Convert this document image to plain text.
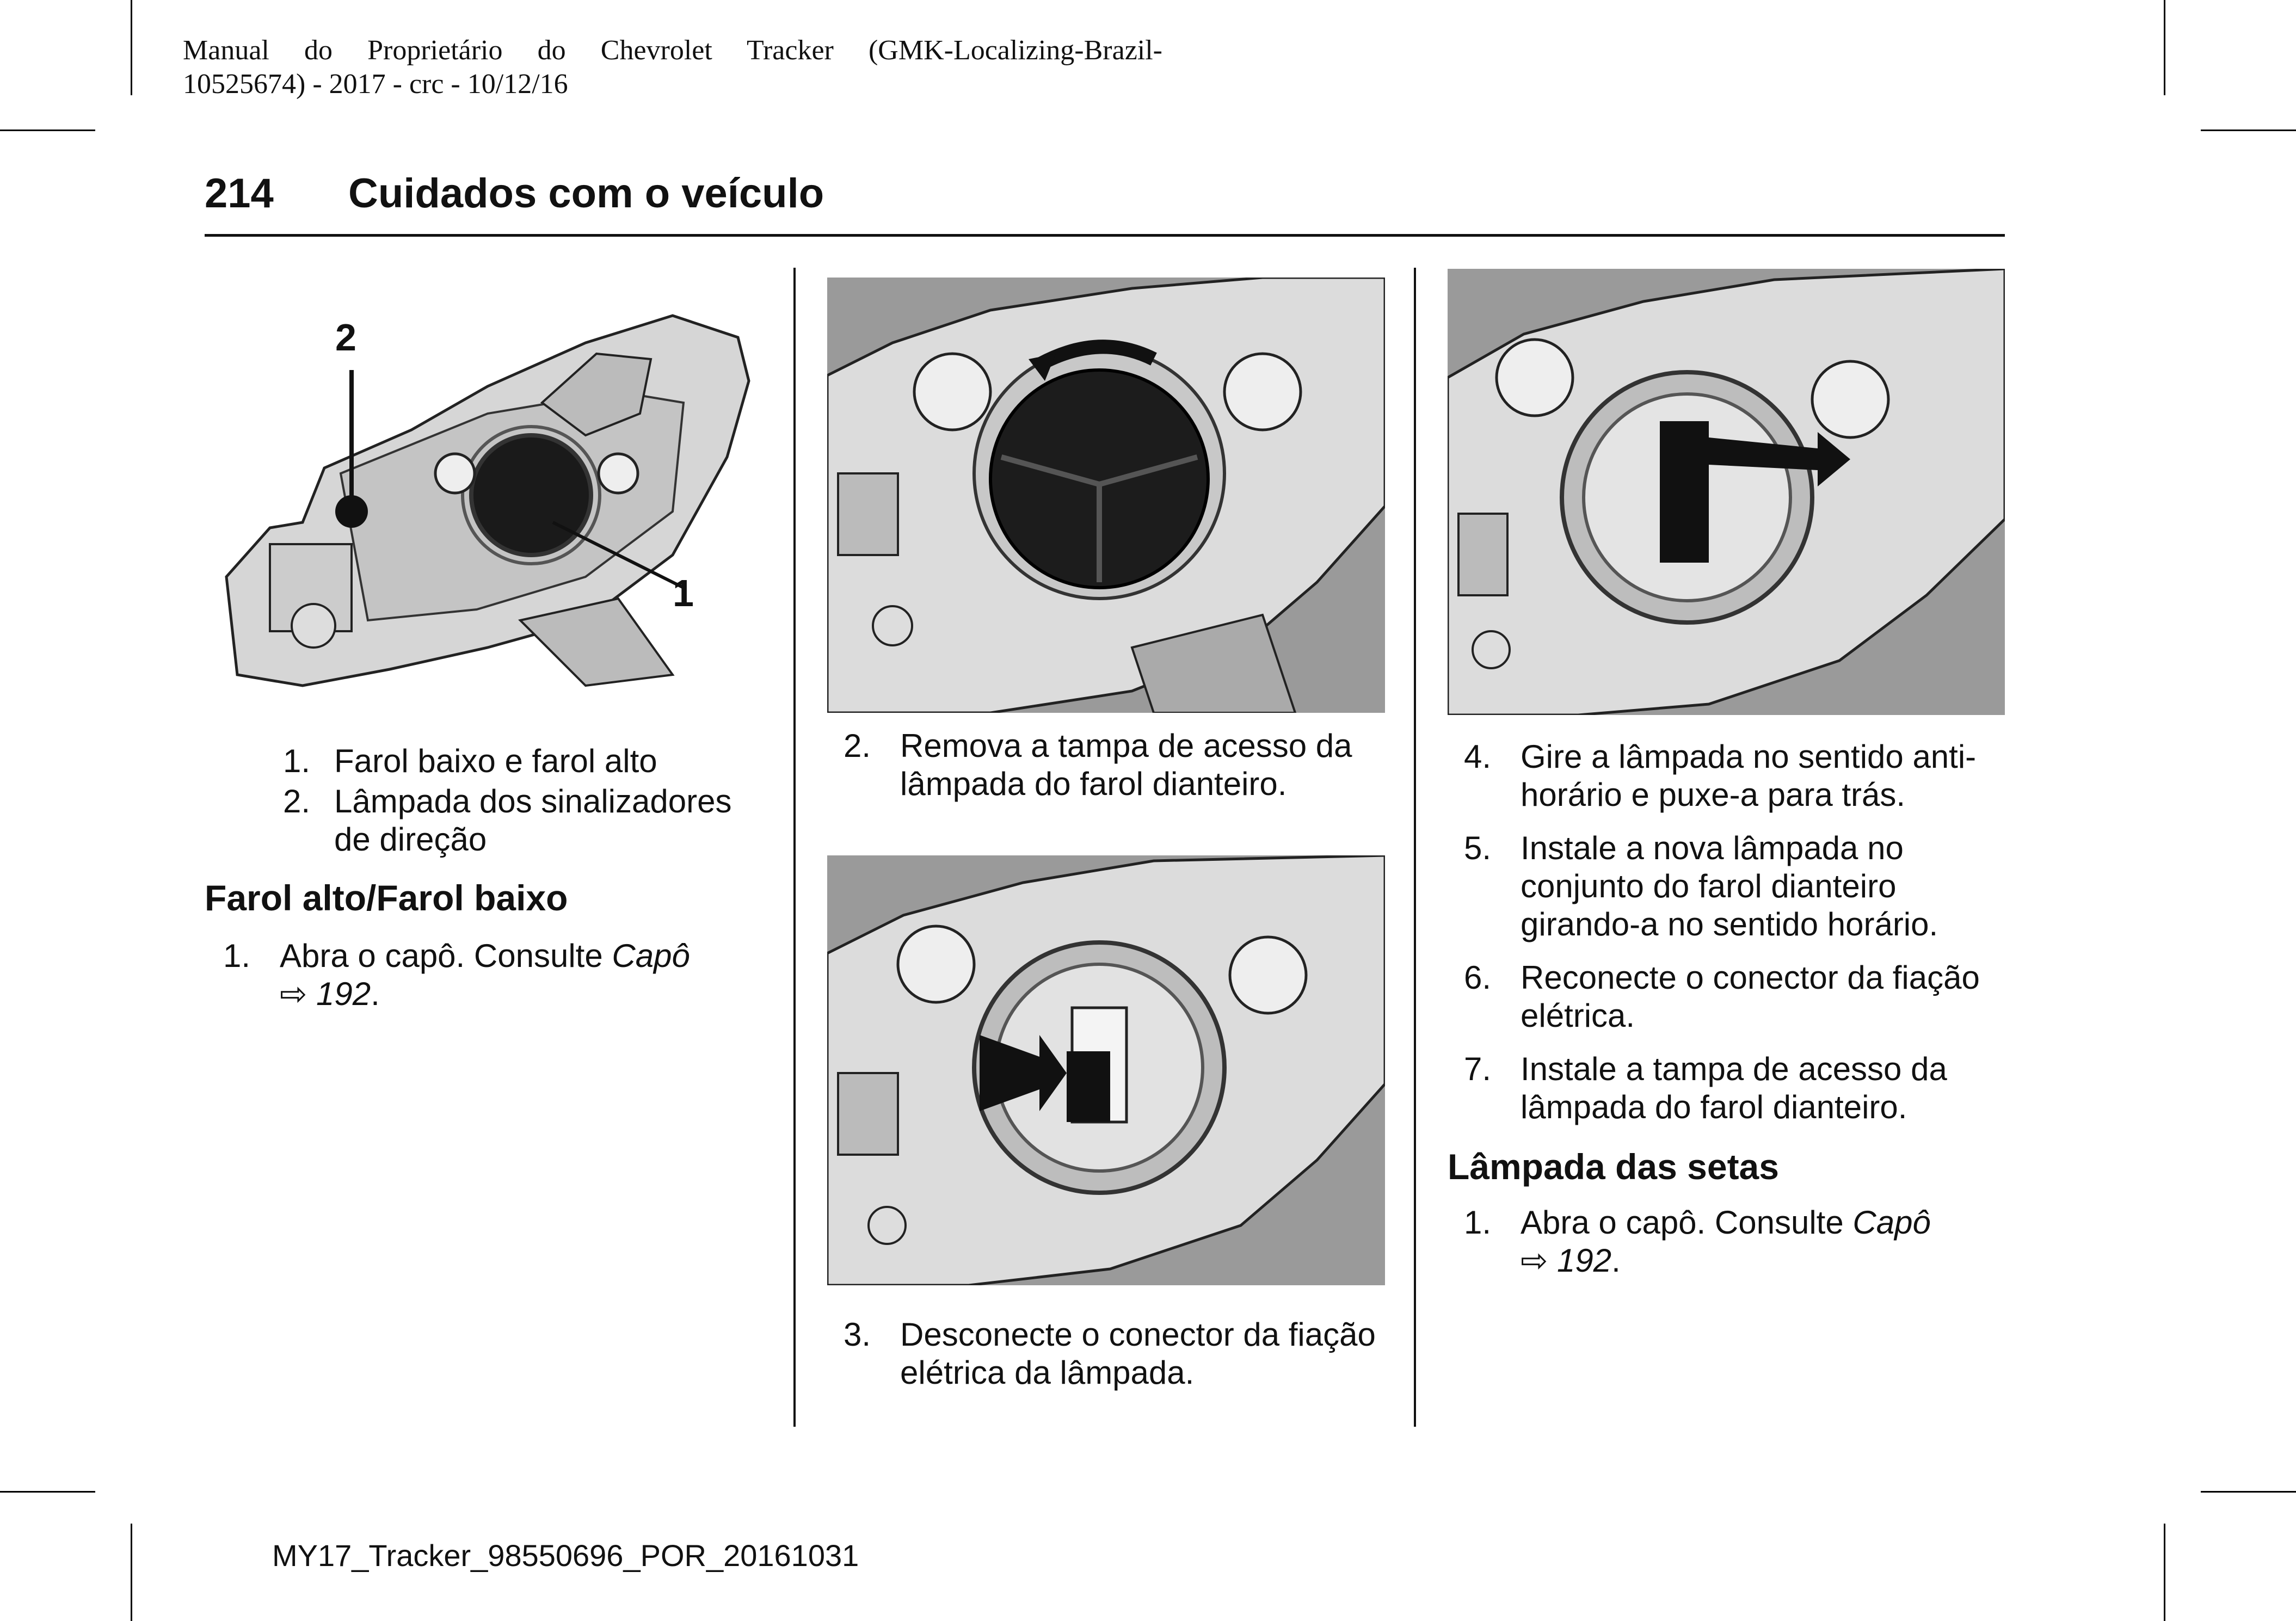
Manual do Proprietário do Chevrolet Tracker (GMK-Localizing-Brazil-
10525674) - 2017 - crc - 10/12/16
214 Cuidados com o veículo
2
1
1. Farol baixo e farol alto
2. Lâmpada dos sinalizadores de direção
Farol alto/Farol baixo
1. Abra o capô. Consulte Capô
⇨ 192.
2. Remova a tampa de acesso da lâmpada do farol dianteiro.
3. Desconecte o conector da fiação elétrica da lâmpada.
4. Gire a lâmpada no sentido anti-horário e puxe-a para trás.
5. Instale a nova lâmpada no conjunto do farol dianteiro girando-a no sentido horário.
6. Reconecte o conector da fiação elétrica.
7. Instale a tampa de acesso da lâmpada do farol dianteiro.
Lâmpada das setas
1. Abra o capô. Consulte Capô
⇨ 192.
MY17_Tracker_98550696_POR_20161031
